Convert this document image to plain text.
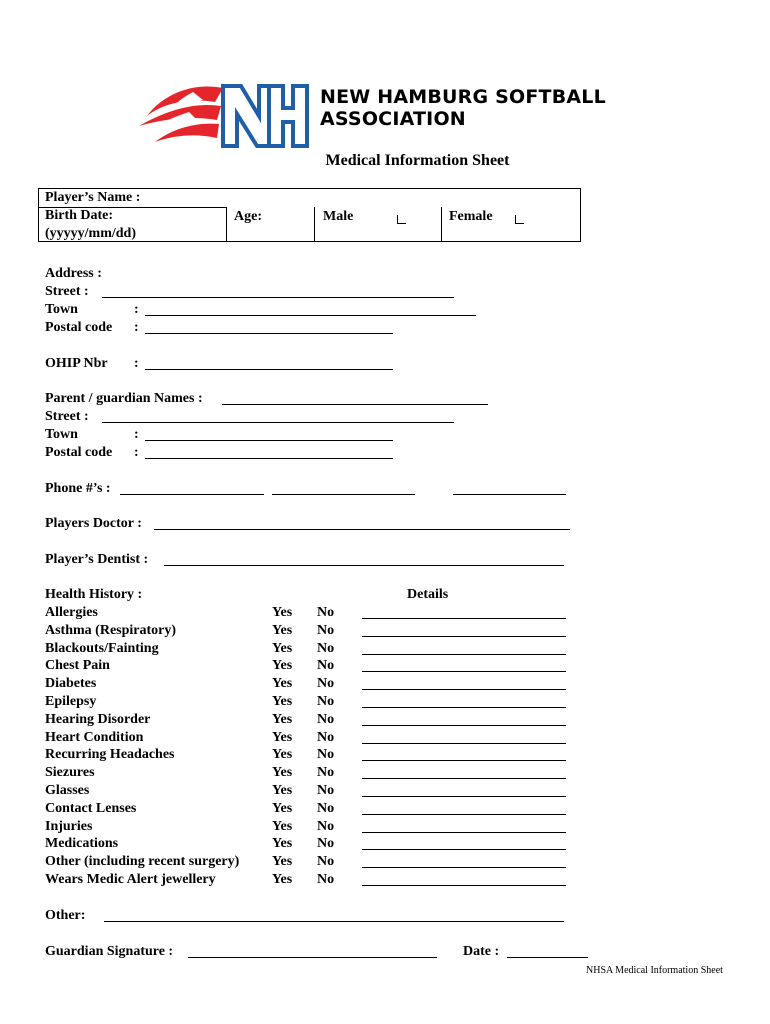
NEW HAMBURG SOFTBALL
ASSOCIATION
Medical Information Sheet
Player’s Name :
Birth Date:
(yyyyy/mm/dd)
Age:	Male	Female
Address :
Street :
Town	:
Postal code :
OHIP Nbr :
Parent / guardian Names :
Street :
Town	:
Postal code :
Phone #’s :
Players Doctor :
Player’s Dentist :
Health History :	Details
Allergies	Yes No
Asthma (Respiratory)	Yes No
Blackouts/Fainting	Yes No
Chest Pain	Yes No
Diabetes	Yes No
Epilepsy	Yes No
Hearing Disorder	Yes No
Heart Condition	Yes No
Recurring Headaches	Yes No
Siezures	Yes No
Glasses	Yes No
Contact Lenses	Yes No
Injuries	Yes No
Medications	Yes No
Other (including recent surgery) Yes No
Wears Medic Alert jewellery	Yes No
Other:
Guardian Signature :	Date :
NHSA Medical Information Sheet
